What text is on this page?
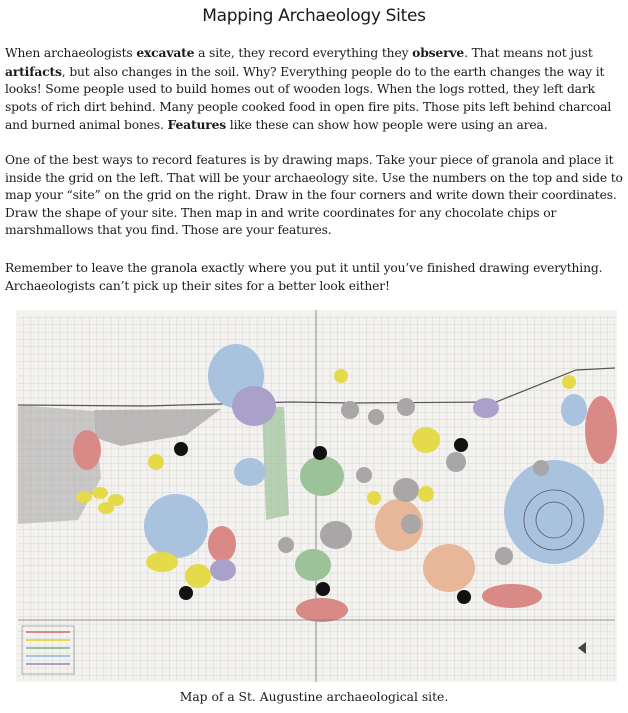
Mapping Archaeology Sites

When archaeologists excavate a site, they record everything they observe. That means not just artifacts, but also changes in the soil. Why? Everything people do to the earth changes the way it looks! Some people used to build homes out of wooden logs. When the logs rotted, they left dark spots of rich dirt behind. Many people cooked food in open fire pits. Those pits left behind charcoal and burned animal bones. Features like these can show how people were using an area.

One of the best ways to record features is by drawing maps. Take your piece of granola and place it inside the grid on the left. That will be your archaeology site. Use the numbers on the top and side to map your “site” on the grid on the right. Draw in the four corners and write down their coordinates. Draw the shape of your site. Then map in and write coordinates for any chocolate chips or marshmallows that you find. Those are your features.

Remember to leave the granola exactly where you put it until you’ve finished drawing everything. Archaeologists can’t pick up their sites for a better look either!

Map of a St. Augustine archaeological site.
